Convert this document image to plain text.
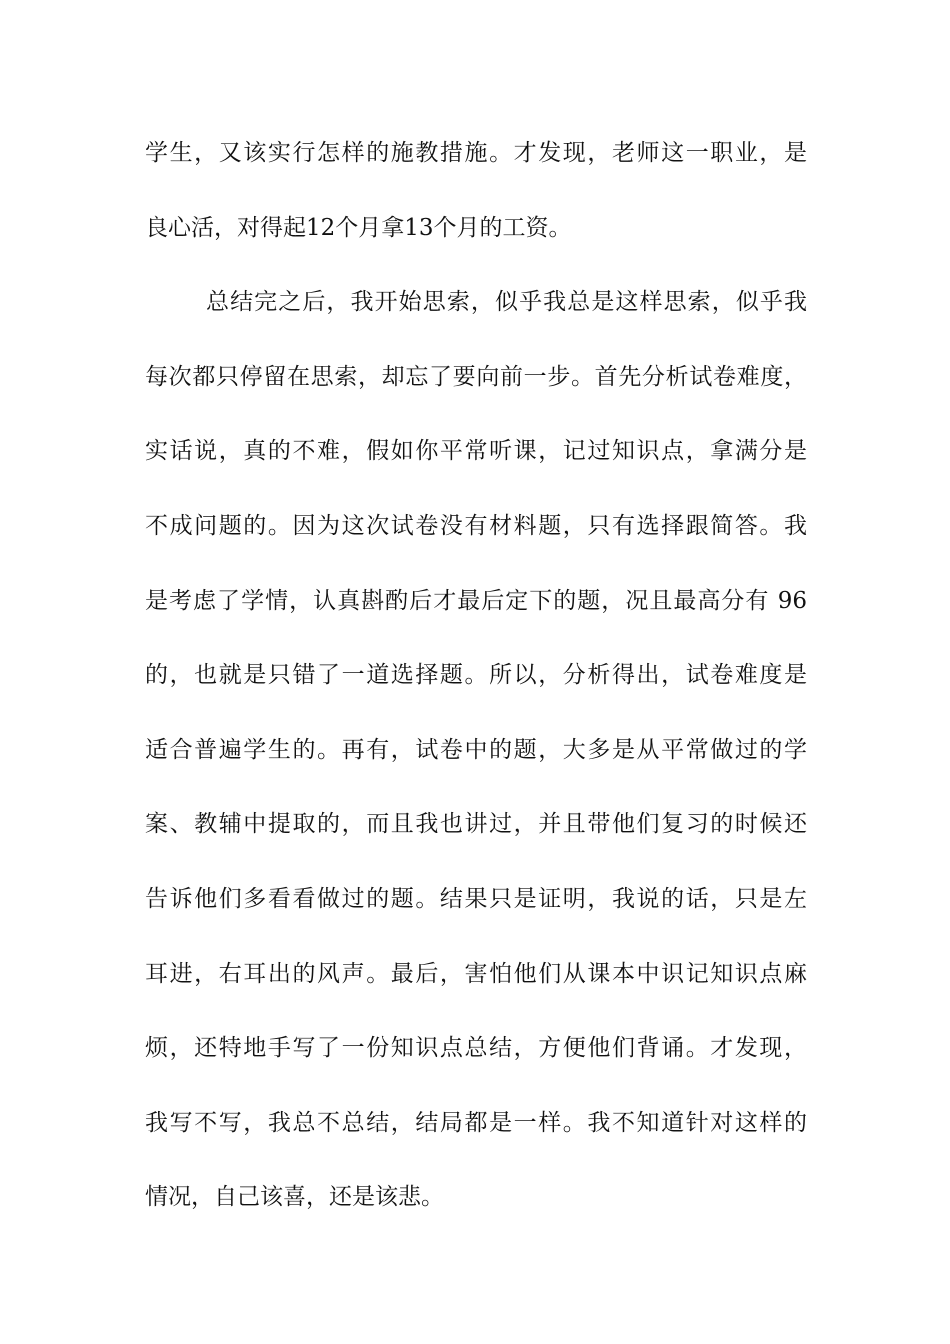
学生，又该实行怎样的施教措施。才发现，老师这一职业，是
良心活，对得起12个月拿13个月的工资。
总结完之后，我开始思索，似乎我总是这样思索，似乎我
每次都只停留在思索，却忘了要向前一步。首先分析试卷难度，
实话说，真的不难，假如你平常听课，记过知识点，拿满分是
不成问题的。因为这次试卷没有材料题，只有选择跟简答。我
是考虑了学情，认真斟酌后才最后定下的题，况且最高分有 96
的，也就是只错了一道选择题。所以，分析得出，试卷难度是
适合普遍学生的。再有，试卷中的题，大多是从平常做过的学
案、教辅中提取的，而且我也讲过，并且带他们复习的时候还
告诉他们多看看做过的题。结果只是证明，我说的话，只是左
耳进，右耳出的风声。最后，害怕他们从课本中识记知识点麻
烦，还特地手写了一份知识点总结，方便他们背诵。才发现，
我写不写，我总不总结，结局都是一样。我不知道针对这样的
情况，自己该喜，还是该悲。
